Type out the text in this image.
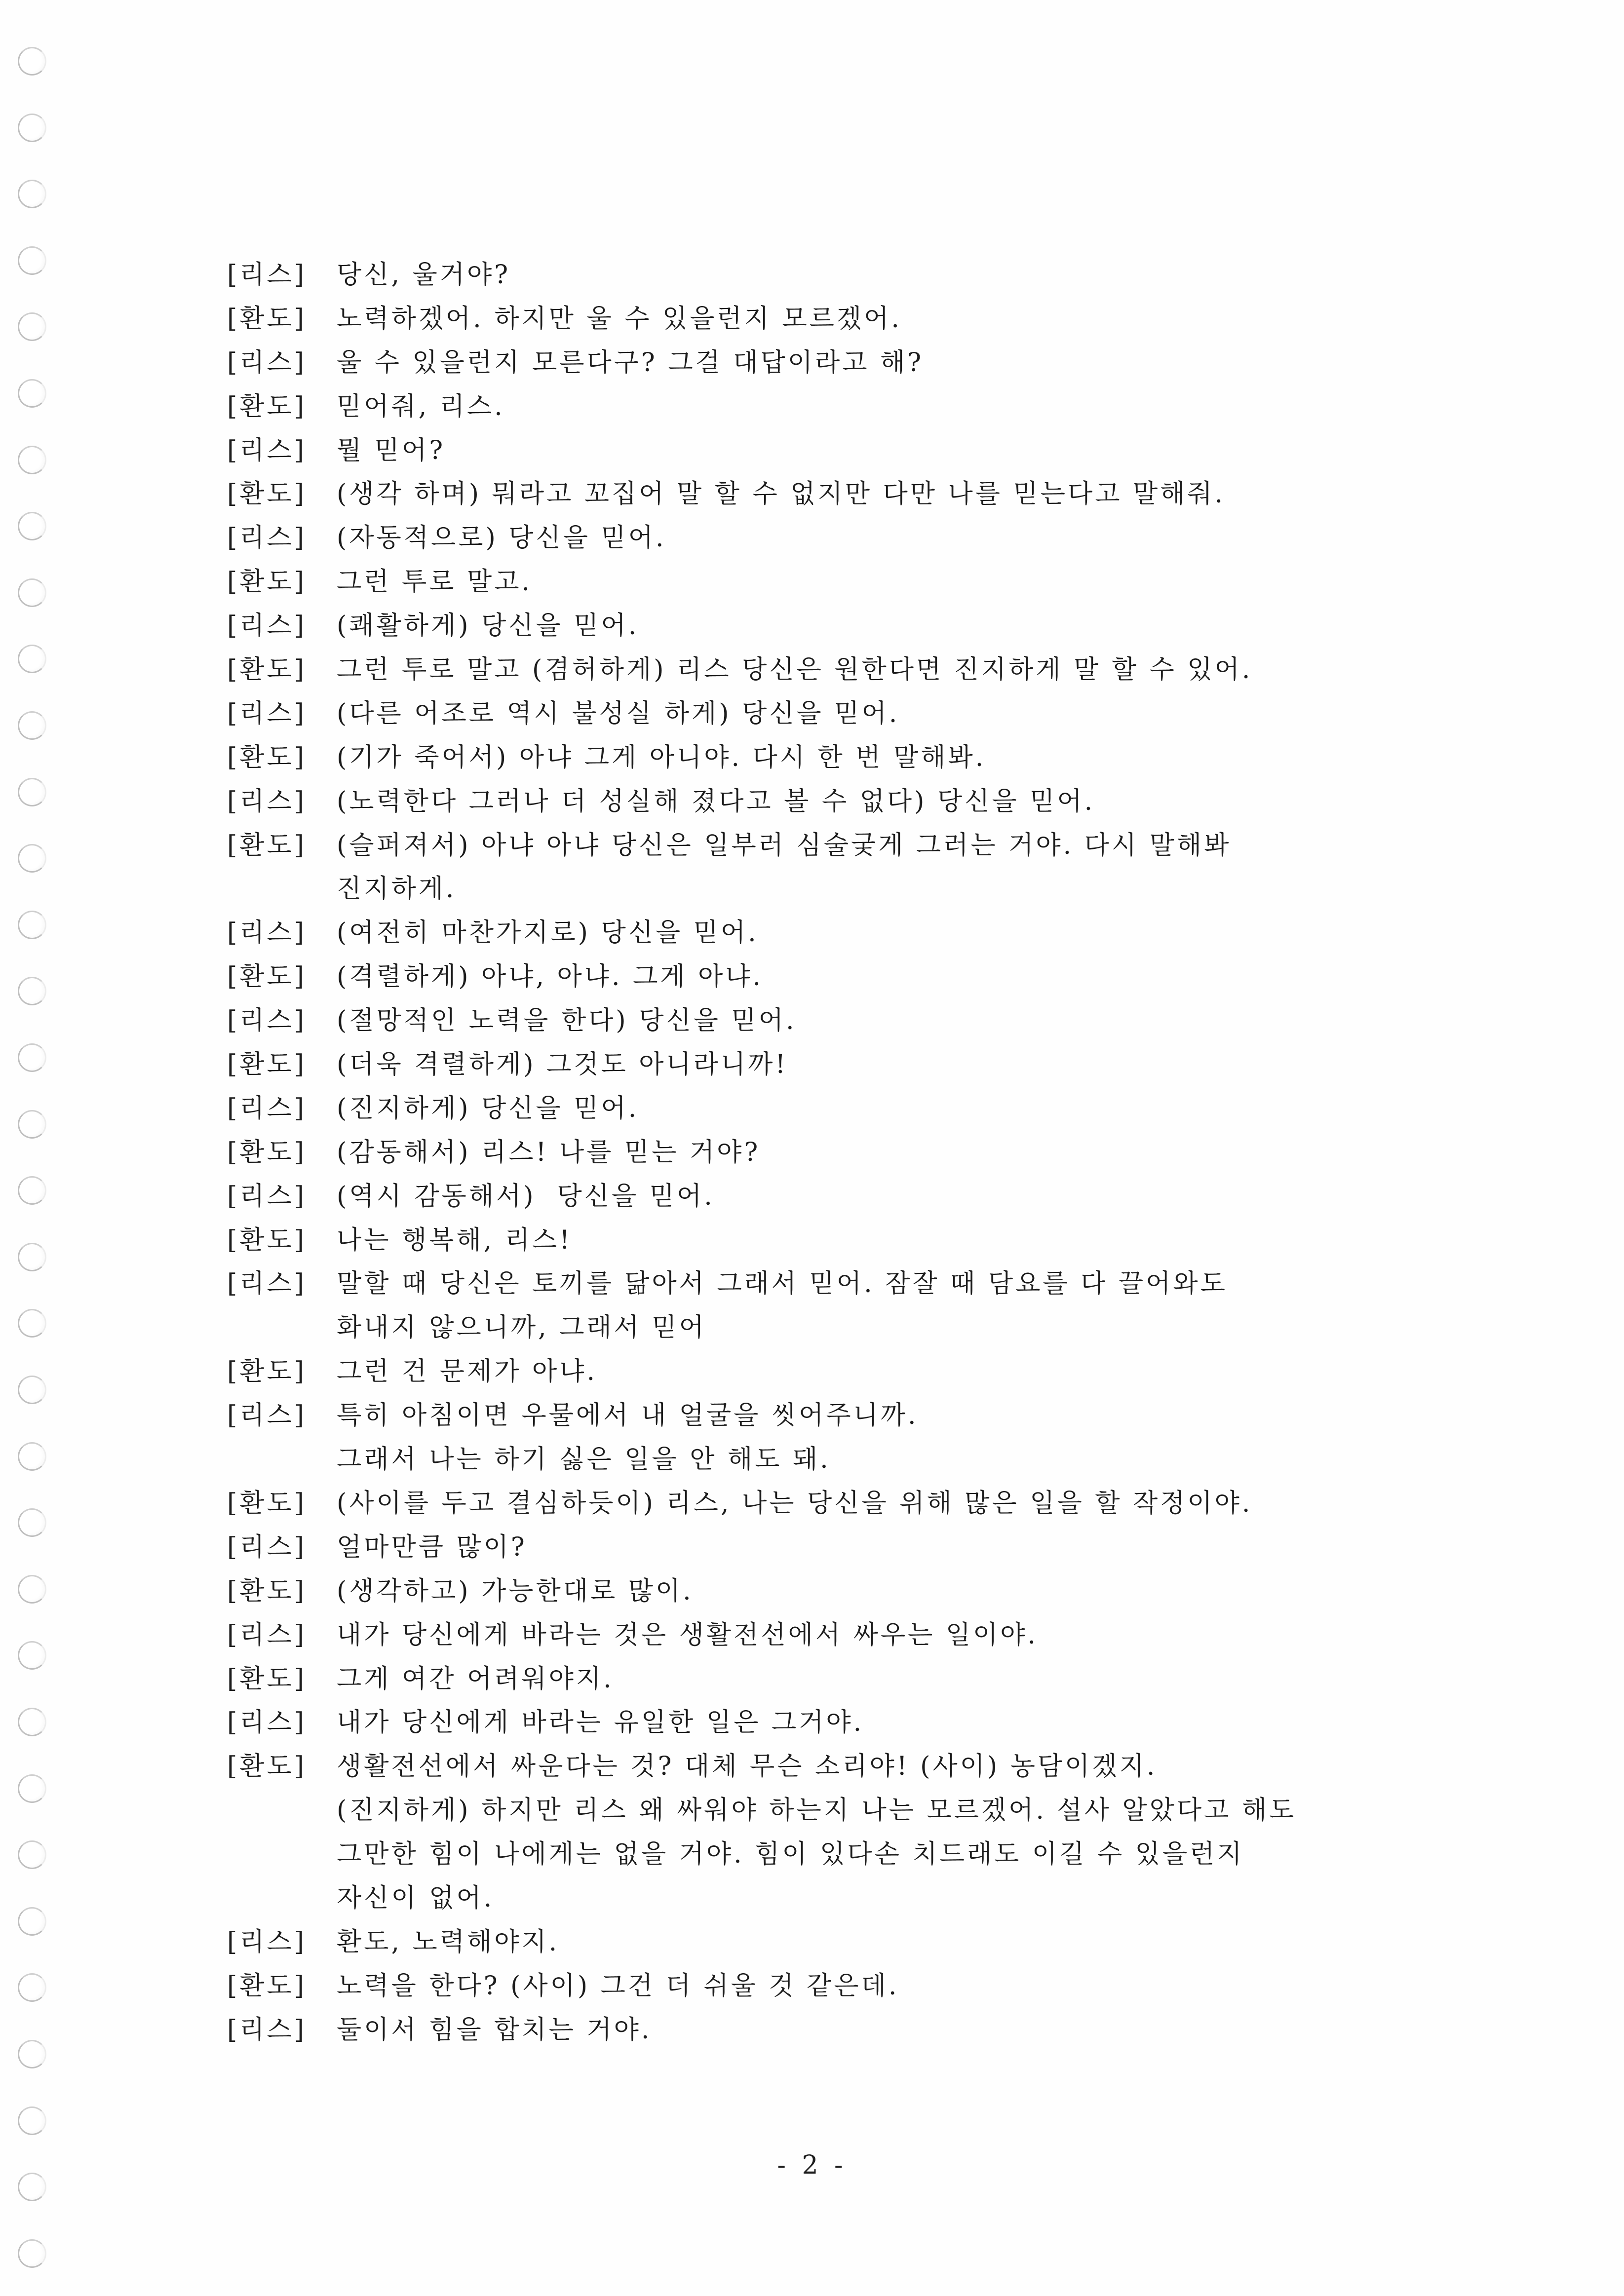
[리스]	당신, 울거야?
[환도]	노력하겠어. 하지만 울 수 있을런지 모르겠어.
[리스]	울 수 있을런지 모른다구? 그걸 대답이라고 해?
[환도]	믿어줘, 리스.
[리스]	뭘 믿어?
[환도]	(생각 하며) 뭐라고 꼬집어 말 할 수 없지만 다만 나를 믿는다고 말해줘.
[리스]	(자동적으로) 당신을 믿어.
[환도]	그런 투로 말고.
[리스]	(쾌활하게) 당신을 믿어.
[환도]	그런 투로 말고 (겸허하게) 리스 당신은 원한다면 진지하게 말 할 수 있어.
[리스]	(다른 어조로 역시 불성실 하게) 당신을 믿어.
[환도]	(기가 죽어서) 아냐 그게 아니야. 다시 한 번 말해봐.
[리스]	(노력한다 그러나 더 성실해 졌다고 볼 수 없다) 당신을 믿어.
[환도]	(슬퍼져서) 아냐 아냐 당신은 일부러 심술궂게 그러는 거야. 다시 말해봐
진지하게.
[리스]	(여전히 마찬가지로) 당신을 믿어.
[환도]	(격렬하게) 아냐, 아냐. 그게 아냐.
[리스]	(절망적인 노력을 한다) 당신을 믿어.
[환도]	(더욱 격렬하게) 그것도 아니라니까!
[리스]	(진지하게) 당신을 믿어.
[환도]	(감동해서) 리스! 나를 믿는 거야?
[리스]	(역시 감동해서)  당신을 믿어.
[환도]	나는 행복해, 리스!
[리스]	말할 때 당신은 토끼를 닮아서 그래서 믿어. 잠잘 때 담요를 다 끌어와도
화내지 않으니까, 그래서 믿어
[환도]	그런 건 문제가 아냐.
[리스]	특히 아침이면 우물에서 내 얼굴을 씻어주니까.
그래서 나는 하기 싫은 일을 안 해도 돼.
[환도]	(사이를 두고 결심하듯이) 리스, 나는 당신을 위해 많은 일을 할 작정이야.
[리스]	얼마만큼 많이?
[환도]	(생각하고) 가능한대로 많이.
[리스]	내가 당신에게 바라는 것은 생활전선에서 싸우는 일이야.
[환도]	그게 여간 어려워야지.
[리스]	내가 당신에게 바라는 유일한 일은 그거야.
[환도]	생활전선에서 싸운다는 것? 대체 무슨 소리야! (사이) 농담이겠지.
(진지하게) 하지만 리스 왜 싸워야 하는지 나는 모르겠어. 설사 알았다고 해도
그만한 힘이 나에게는 없을 거야. 힘이 있다손 치드래도 이길 수 있을런지
자신이 없어.
[리스]	환도, 노력해야지.
[환도]	노력을 한다? (사이) 그건 더 쉬울 것 같은데.
[리스]	둘이서 힘을 합치는 거야.
- 2 -
